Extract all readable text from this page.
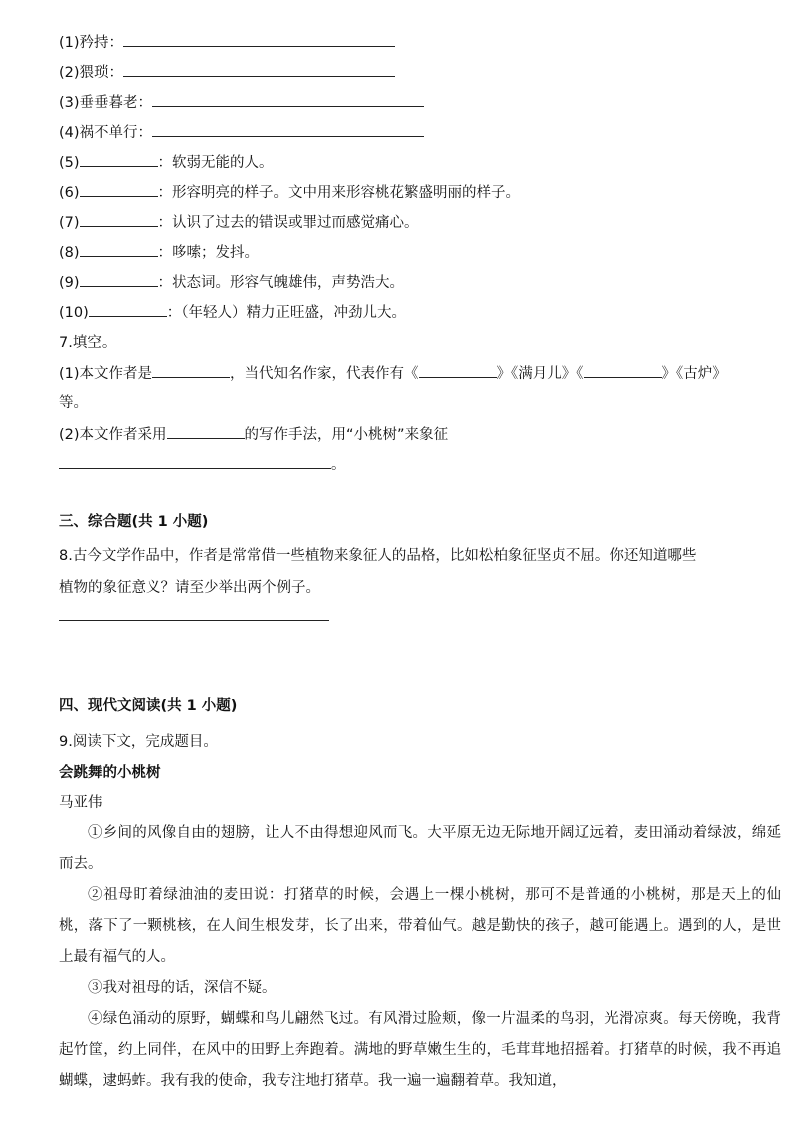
(1)矜持：
(2)猥琐：
(3)垂垂暮老：
(4)祸不单行：
(5)	：软弱无能的人。
(6)	：形容明亮的样子。文中用来形容桃花繁盛明丽的样子。
(7)	：认识了过去的错误或罪过而感觉痛心。
(8)	：哆嗦；发抖。
(9)	：状态词。形容气魄雄伟，声势浩大。
(10)	：（年轻人）精力正旺盛，冲劲儿大。
7.填空。
(1)本文作者是	，当代知名作家，代表作有《	》《满月儿》《	》《古炉》
等。
(2)本文作者采用	的写作手法，用“小桃树”来象征
。
三、综合题(共 1 小题)
8.古今文学作品中，作者是常常借一些植物来象征人的品格，比如松柏象征坚贞不屈。你还知道哪些
植物的象征意义？请至少举出两个例子。
四、现代文阅读(共 1 小题)
9.阅读下文，完成题目。
会跳舞的小桃树
马亚伟

①乡间的风像自由的翅膀，让人不由得想迎风而飞。大平原无边无际地开阔辽远着，麦田涌动着绿波，绵延而去。

②祖母盯着绿油油的麦田说：打猪草的时候，会遇上一棵小桃树，那可不是普通的小桃树，那是天上的仙桃，落下了一颗桃核，在人间生根发芽，长了出来，带着仙气。越是勤快的孩子，越可能遇上。遇到的人，是世上最有福气的人。

③我对祖母的话，深信不疑。

④绿色涌动的原野，蝴蝶和鸟儿翩然飞过。有风滑过脸颊，像一片温柔的鸟羽，光滑凉爽。每天傍晚，我背起竹筐，约上同伴，在风中的田野上奔跑着。满地的野草嫩生生的，毛茸茸地招摇着。打猪草的时候，我不再追蝴蝶，逮蚂蚱。我有我的使命，我专注地打猪草。我一遍一遍翻着草。我知道，
